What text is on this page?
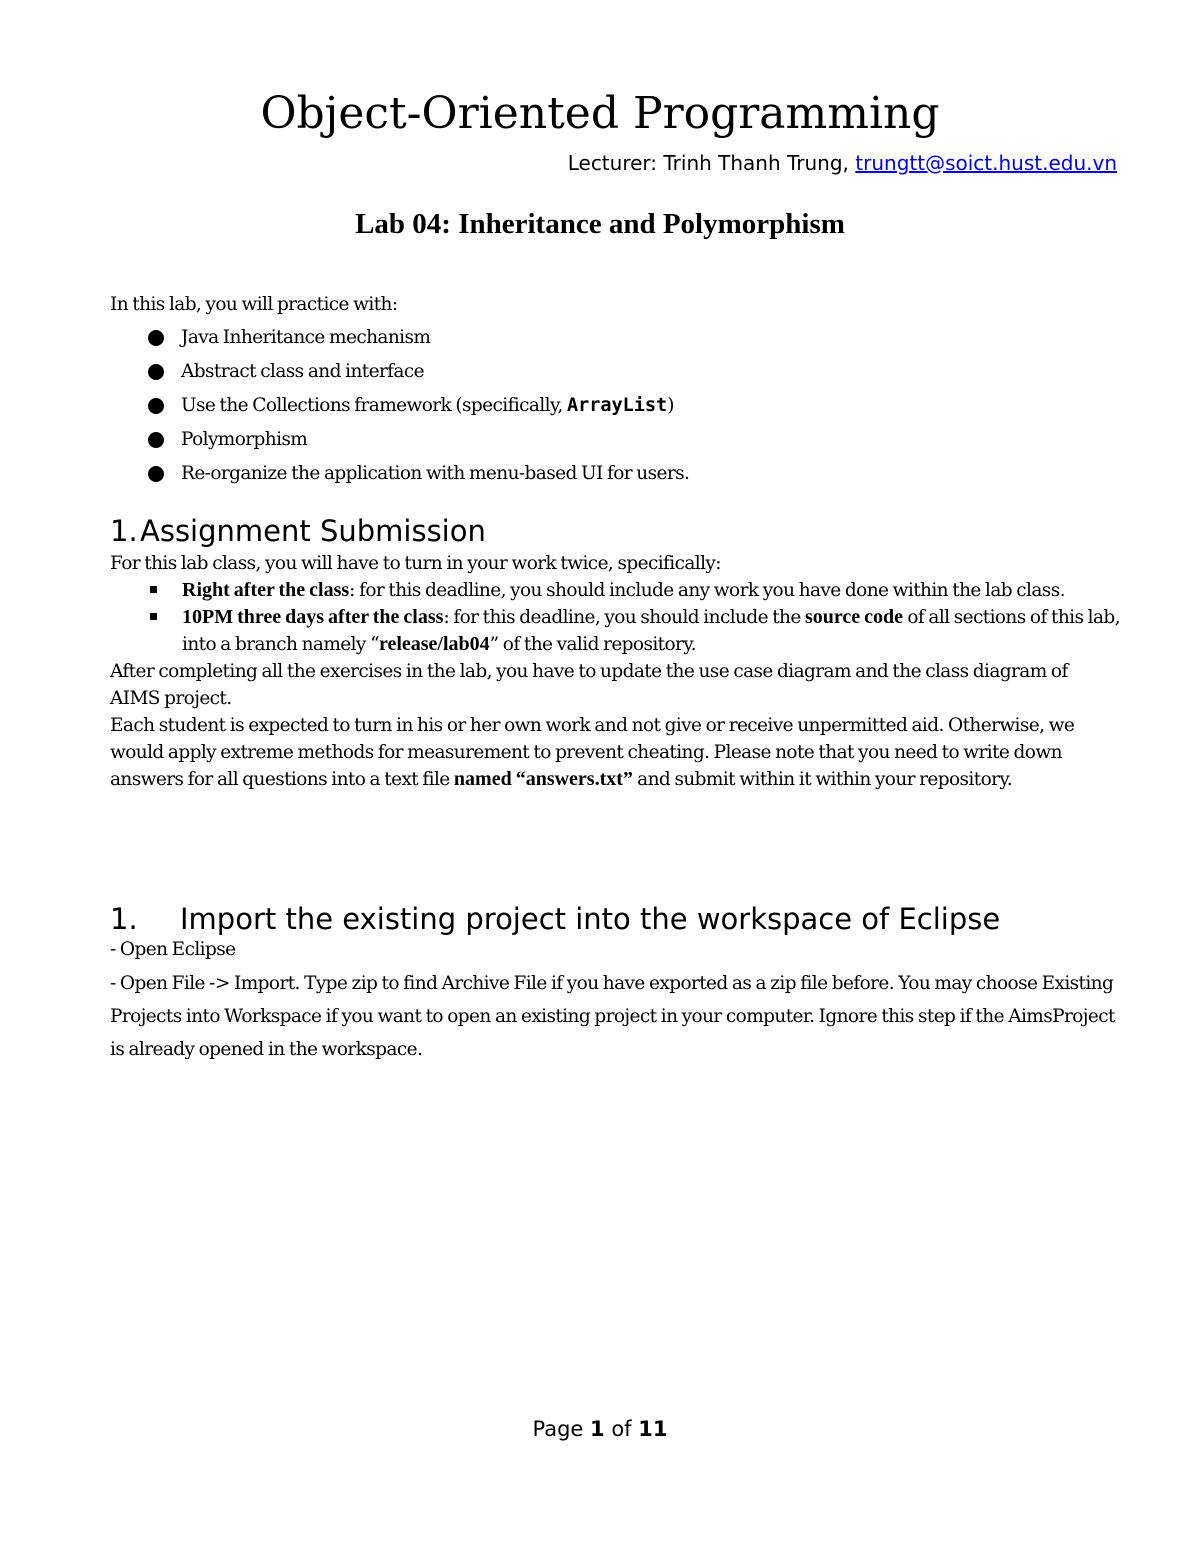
Object-Oriented Programming
Lecturer: Trinh Thanh Trung, trungtt@soict.hust.edu.vn
Lab 04: Inheritance and Polymorphism
In this lab, you will practice with:
Java Inheritance mechanism
Abstract class and interface
Use the Collections framework (specifically, ArrayList)
Polymorphism
Re-organize the application with menu-based UI for users.
1.Assignment Submission

For this lab class, you will have to turn in your work twice, specifically:

Right after the class: for this deadline, you should include any work you have done within the lab class.
10PM three days after the class: for this deadline, you should include the source code of all sections of this lab, into a branch namely “release/lab04” of the valid repository.

After completing all the exercises in the lab, you have to update the use case diagram and the class diagram of AIMS project.

Each student is expected to turn in his or her own work and not give or receive unpermitted aid. Otherwise, we would apply extreme methods for measurement to prevent cheating. Please note that you need to write down answers for all questions into a text file named “answers.txt” and submit within it within your repository.

1. Import the existing project into the workspace of Eclipse

- Open Eclipse

- Open File -> Import. Type zip to find Archive File if you have exported as a zip file before. You may choose Existing Projects into Workspace if you want to open an existing project in your computer. Ignore this step if the AimsProject is already opened in the workspace.

Page 1 of 11
